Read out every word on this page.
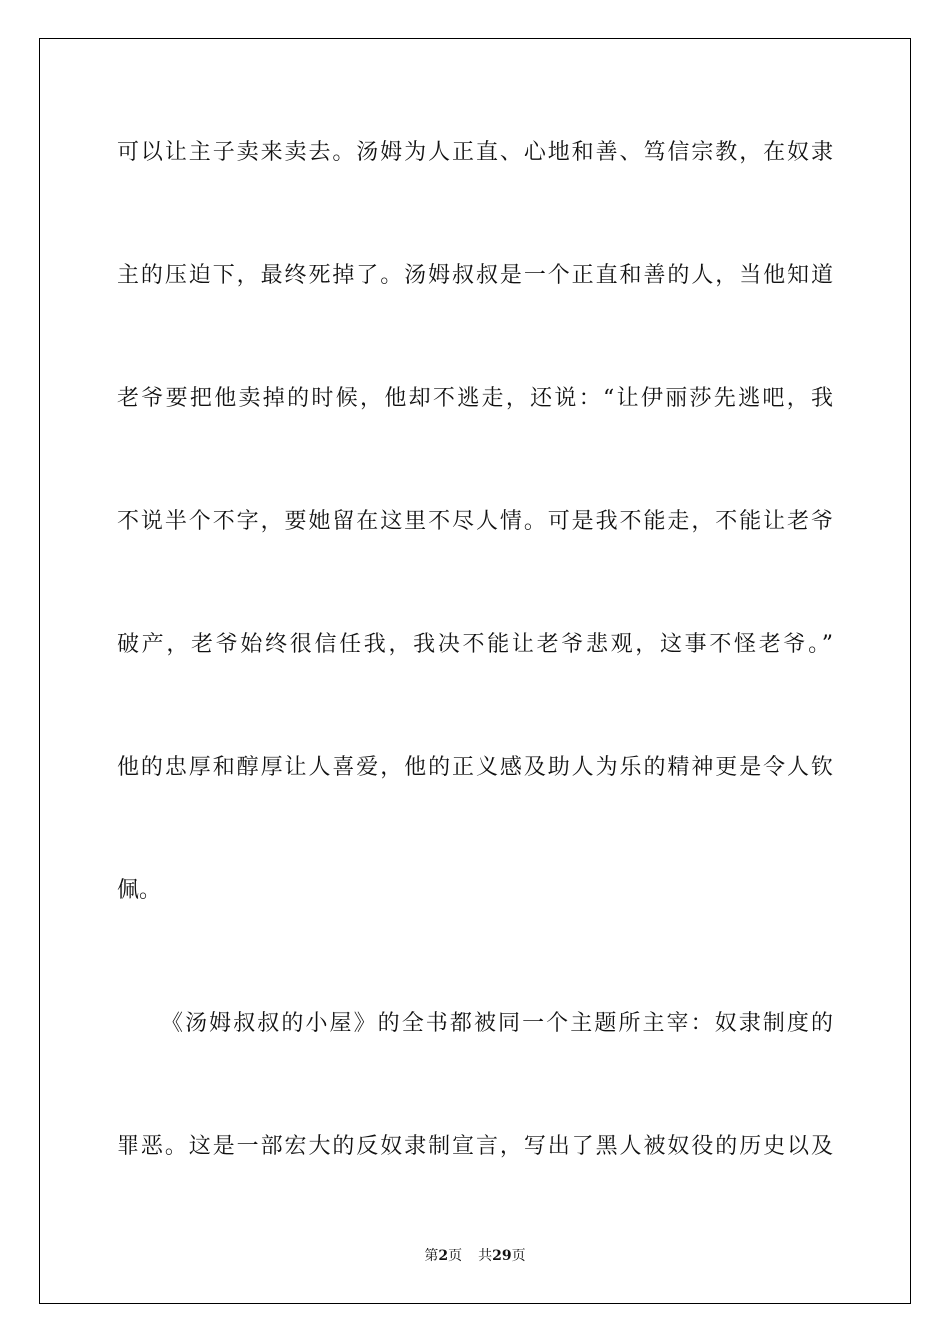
可以让主子卖来卖去。汤姆为人正直、心地和善、笃信宗教，在奴隶
主的压迫下，最终死掉了。汤姆叔叔是一个正直和善的人，当他知道
老爷要把他卖掉的时候，他却不逃走，还说：“让伊丽莎先逃吧，我
不说半个不字，要她留在这里不尽人情。可是我不能走，不能让老爷
破产，老爷始终很信任我，我决不能让老爷悲观，这事不怪老爷。”
他的忠厚和醇厚让人喜爱，他的正义感及助人为乐的精神更是令人钦
佩。
《汤姆叔叔的小屋》的全书都被同一个主题所主宰：奴隶制度的
罪恶。这是一部宏大的反奴隶制宣言，写出了黑人被奴役的历史以及
第2页 共29页
